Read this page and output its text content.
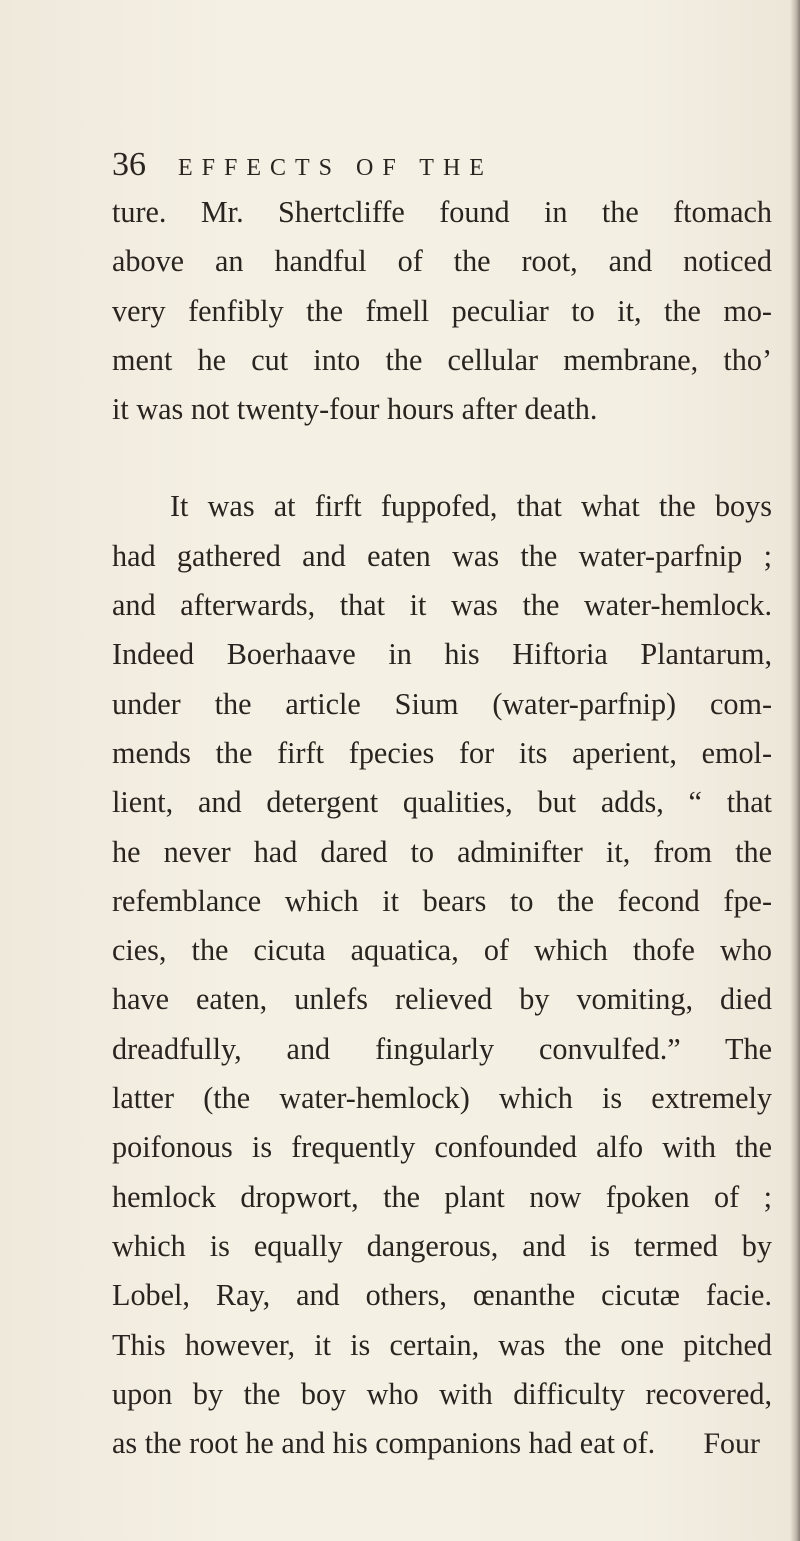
36	EFFECTS OF THE
ture. Mr. Shertcliffe found in the ftomach
above an handful of the root, and noticed
very fenfibly the fmell peculiar to it, the mo-
ment he cut into the cellular membrane, tho’
it was not twenty-four hours after death.
It was at firft fuppofed, that what the boys
had gathered and eaten was the water-parfnip ;
and afterwards, that it was the water-hemlock.
Indeed Boerhaave in his Hiftoria Plantarum,
under the article Sium (water-parfnip) com-
mends the firft fpecies for its aperient, emol-
lient, and detergent qualities, but adds, “ that
he never had dared to adminifter it, from the
refemblance which it bears to the fecond fpe-
cies, the cicuta aquatica, of which thofe who
have eaten, unlefs relieved by vomiting, died
dreadfully, and fingularly convulfed.” The
latter (the water-hemlock) which is extremely
poifonous is frequently confounded alfo with the
hemlock dropwort, the plant now fpoken of ;
which is equally dangerous, and is termed by
Lobel, Ray, and others, œnanthe cicutæ facie.
This however, it is certain, was the one pitched
upon by the boy who with difficulty recovered,
as the root he and his companions had eat of.	Four
